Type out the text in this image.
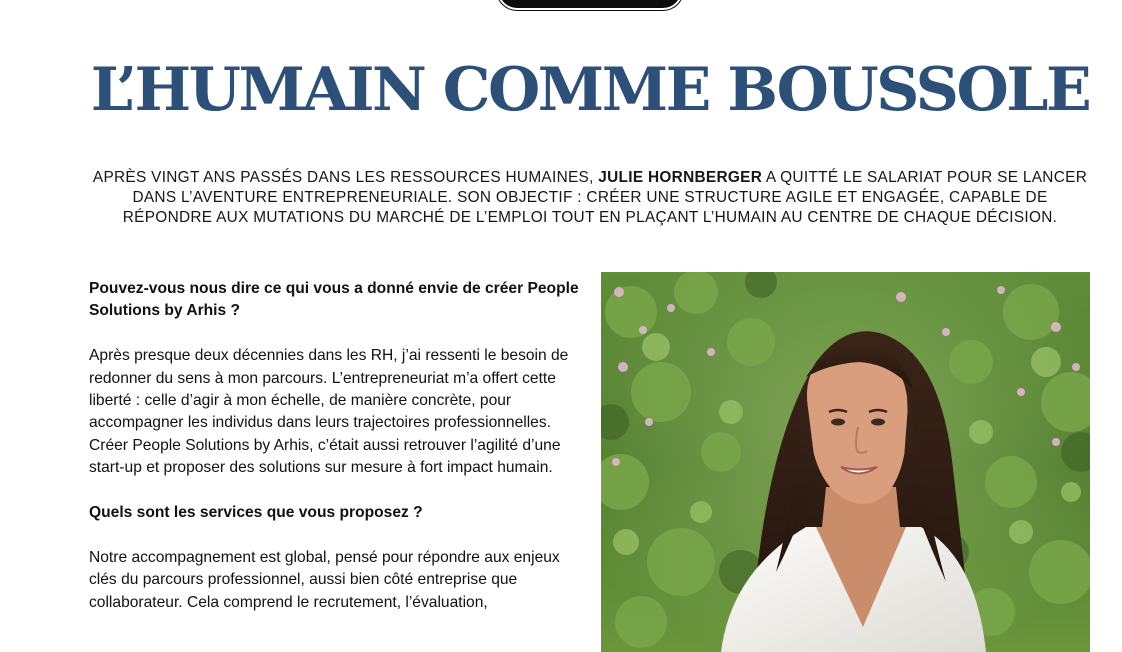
L’HUMAIN COMME BOUSSOLE

APRÈS VINGT ANS PASSÉS DANS LES RESSOURCES HUMAINES, JULIE HORNBERGER A QUITTÉ LE SALARIAT POUR SE LANCER DANS L’AVENTURE ENTREPRENEURIALE. SON OBJECTIF : CRÉER UNE STRUCTURE AGILE ET ENGAGÉE, CAPABLE DE RÉPONDRE AUX MUTATIONS DU MARCHÉ DE L’EMPLOI TOUT EN PLAÇANT L’HUMAIN AU CENTRE DE CHAQUE DÉCISION.

Pouvez-vous nous dire ce qui vous a donné envie de créer People Solutions by Arhis ?

Après presque deux décennies dans les RH, j’ai ressenti le besoin de redonner du sens à mon parcours. L’entrepreneuriat m’a offert cette liberté : celle d’agir à mon échelle, de manière concrète, pour accompagner les individus dans leurs trajectoires professionnelles. Créer People Solutions by Arhis, c’était aussi retrouver l’agilité d’une start-up et proposer des solutions sur mesure à fort impact humain.

Quels sont les services que vous proposez ?

Notre accompagnement est global, pensé pour répondre aux enjeux clés du parcours professionnel, aussi bien côté entreprise que collaborateur. Cela comprend le recrutement, l’évaluation,
